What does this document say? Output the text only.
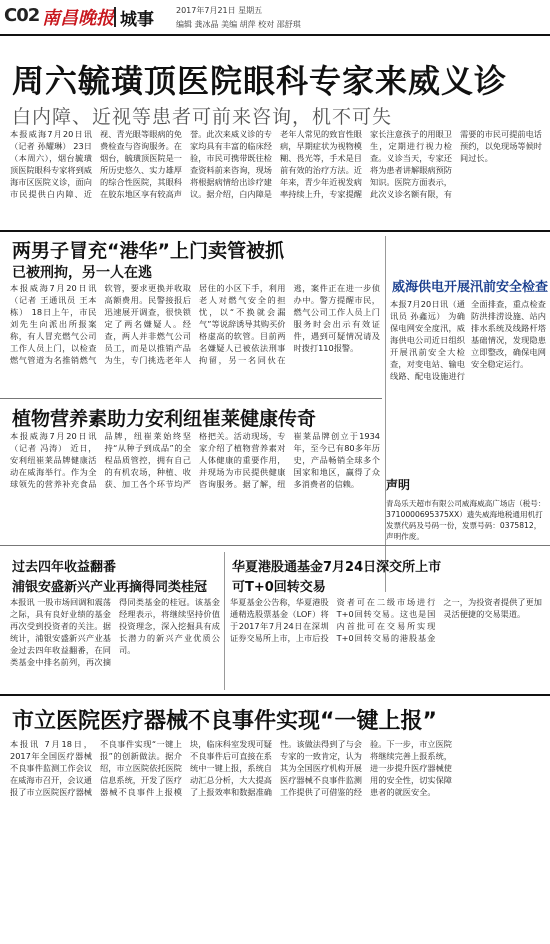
C02 南昌晚报 城事	2017年7月21日 星期五
编辑 龚冰晶 美编 胡萍 校对 邵舒琪
周六毓璜顶医院眼科专家来威义诊
白内障、近视等患者可前来咨询，机不可失
本报威海7月20日讯（记者 孙耀琳） 23日（本周六），烟台毓璜顶医院眼科专家将到威海市区医院义诊，面向市民提供白内障、近视、青光眼等眼病的免费检查与咨询服务。在烟台，毓璜顶医院是一所历史悠久、实力雄厚的综合性医院，其眼科在胶东地区享有较高声誉。此次来威义诊的专家均具有丰富的临床经验，市民可携带既往检查资料前来咨询，现场将根据病情给出诊疗建议。据介绍，白内障是老年人常见的致盲性眼病，早期症状为视物模糊、畏光等，手术是目前有效的治疗方法。近年来，青少年近视发病率持续上升，专家提醒家长注意孩子的用眼卫生，定期进行视力检查。义诊当天，专家还将为患者讲解眼病预防知识。医院方面表示，此次义诊名额有限，有需要的市民可提前电话预约，以免现场等候时间过长。
两男子冒充“港华”上门卖管被抓
已被刑拘，另一人在逃
本报威海7月20日讯（记者 王通讯员 王本栋） 18日上午，市民刘先生向派出所报案称，有人冒充燃气公司工作人员上门，以检查燃气管道为名推销燃气软管，要求更换并收取高额费用。民警接报后迅速展开调查，很快锁定了两名嫌疑人。经查，两人并非燃气公司员工，而是以推销产品为生，专门挑选老年人居住的小区下手，利用老人对燃气安全的担忧，以“不换就会漏气”等说辞诱导其购买价格虚高的软管。目前两名嫌疑人已被依法刑事拘留，另一名同伙在逃，案件正在进一步侦办中。警方提醒市民，燃气公司工作人员上门服务时会出示有效证件，遇到可疑情况请及时拨打110报警。
威海供电开展汛前安全检查
本报7月20日讯（通讯员 孙鑫远） 为确保电网安全度汛，威海供电公司近日组织开展汛前安全大检查，对变电站、输电线路、配电设施进行全面排查，重点检查防洪排涝设施、站内排水系统及线路杆塔基础情况，发现隐患立即整改，确保电网安全稳定运行。
植物营养素助力安利纽崔莱健康传奇
本报威海7月20日讯（记者 冯涛） 近日，安利纽崔莱品牌健康活动在威海举行。作为全球领先的营养补充食品品牌，纽崔莱始终坚持“从种子到成品”的全程品质管控，拥有自己的有机农场，种植、收获、加工各个环节均严格把关。活动现场，专家介绍了植物营养素对人体健康的重要作用，并现场为市民提供健康咨询服务。据了解，纽崔莱品牌创立于1934年，至今已有80多年历史，产品畅销全球多个国家和地区，赢得了众多消费者的信赖。	声明
青岛乐天超市有限公司威海威高广场店（税号：3710000695375XX）遗失威海地税通用机打发票代码及号码一份，发票号码：0375812，声明作废。
过去四年收益翻番
浦银安盛新兴产业再摘得同类桂冠
本报讯 一股市场回调和震荡之际，具有良好业绩的基金再次受到投资者的关注。据统计，浦银安盛新兴产业基金过去四年收益翻番，在同类基金中排名前列，再次摘得同类基金的桂冠。该基金经理表示，将继续坚持价值投资理念，深入挖掘具有成长潜力的新兴产业优质公司。
华夏港股通基金7月24日深交所上市
可T+0回转交易
华夏基金公告称，华夏港股通精选股票基金（LOF）将于2017年7月24日在深圳证券交易所上市，上市后投资者可在二级市场进行T+0回转交易。这也是国内首批可在交易所实现T+0回转交易的港股基金之一，为投资者提供了更加灵活便捷的交易渠道。
市立医院医疗器械不良事件实现“一键上报”
本报讯 7月18日，2017年全国医疗器械不良事件监测工作会议在威海市召开，会议通报了市立医院医疗器械不良事件实现“一键上报”的创新做法。据介绍，市立医院依托医院信息系统，开发了医疗器械不良事件上报模块，临床科室发现可疑不良事件后可直接在系统中一键上报，系统自动汇总分析，大大提高了上报效率和数据准确性。该做法得到了与会专家的一致肯定，认为其为全国医疗机构开展医疗器械不良事件监测工作提供了可借鉴的经验。下一步，市立医院将继续完善上报系统，进一步提升医疗器械使用的安全性，切实保障患者的就医安全。
